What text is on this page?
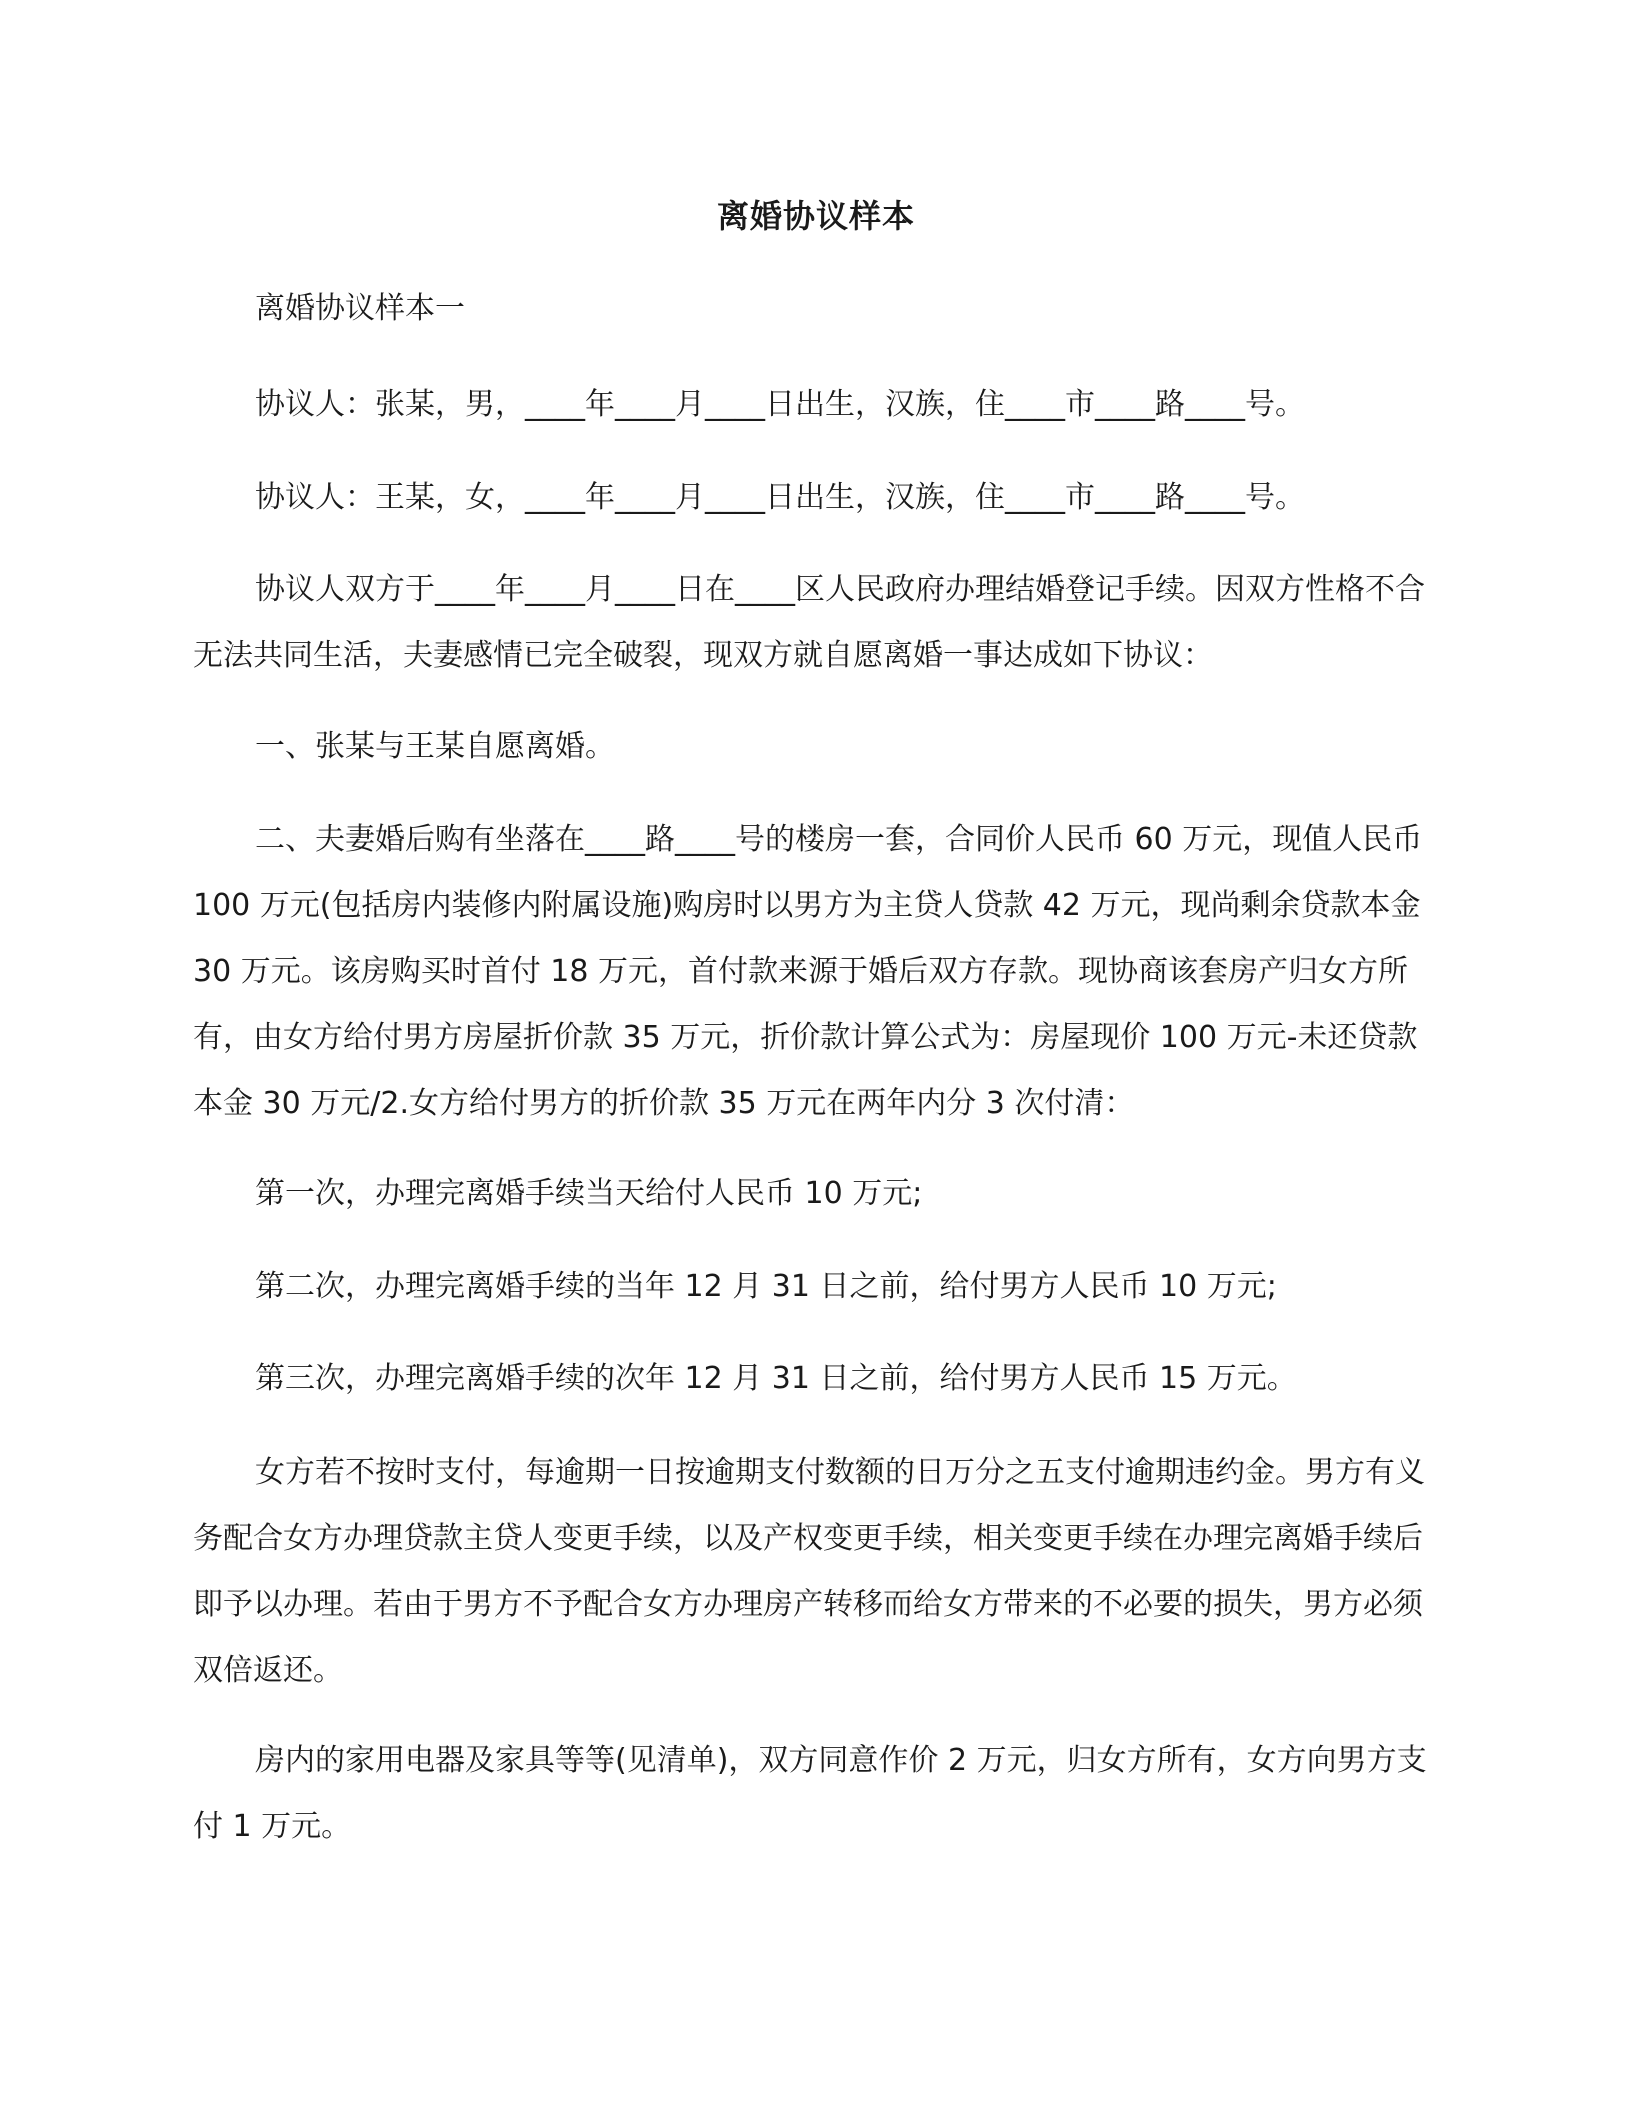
离婚协议样本

离婚协议样本一

协议人：张某，男，____年____月____日出生，汉族，住____市____路____号。

协议人：王某，女，____年____月____日出生，汉族，住____市____路____号。

协议人双方于____年____月____日在____区人民政府办理结婚登记手续。因双方性格不合无法共同生活，夫妻感情已完全破裂，现双方就自愿离婚一事达成如下协议：

一、张某与王某自愿离婚。

二、夫妻婚后购有坐落在____路____号的楼房一套，合同价人民币 60 万元，现值人民币 100 万元(包括房内装修内附属设施)购房时以男方为主贷人贷款 42 万元，现尚剩余贷款本金 30 万元。该房购买时首付 18 万元，首付款来源于婚后双方存款。现协商该套房产归女方所有，由女方给付男方房屋折价款 35 万元，折价款计算公式为：房屋现价 100 万元-未还贷款本金 30 万元/2.女方给付男方的折价款 35 万元在两年内分 3 次付清：

第一次，办理完离婚手续当天给付人民币 10 万元;

第二次，办理完离婚手续的当年 12 月 31 日之前，给付男方人民币 10 万元;

第三次，办理完离婚手续的次年 12 月 31 日之前，给付男方人民币 15 万元。

女方若不按时支付，每逾期一日按逾期支付数额的日万分之五支付逾期违约金。男方有义务配合女方办理贷款主贷人变更手续，以及产权变更手续，相关变更手续在办理完离婚手续后即予以办理。若由于男方不予配合女方办理房产转移而给女方带来的不必要的损失，男方必须双倍返还。

房内的家用电器及家具等等(见清单)，双方同意作价 2 万元，归女方所有，女方向男方支付 1 万元。
